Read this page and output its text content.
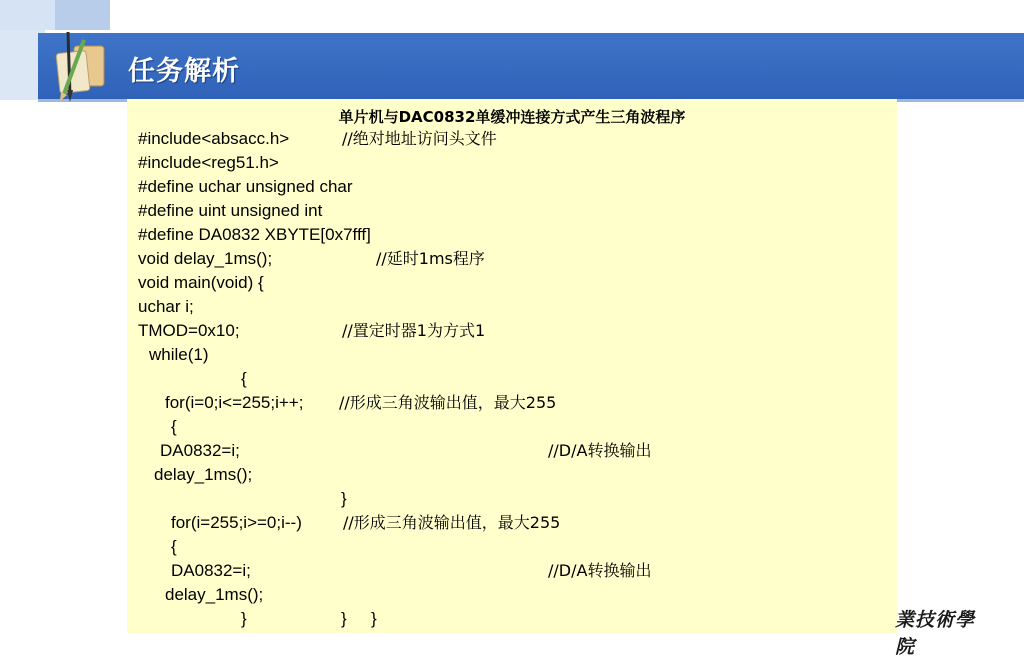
任务解析
单片机与DAC0832单缓冲连接方式产生三角波程序
#include<absacc.h>	//绝对地址访问头文件
#include<reg51.h>
#define uchar unsigned char
#define uint unsigned int
#define DA0832 XBYTE[0x7fff]
void delay_1ms();	//延时1ms程序
void main(void) {
uchar i;
TMOD=0x10;	//置定时器1为方式1
while(1)
{
for(i=0;i<=255;i++; //形成三角波输出值，最大255
{
DA0832=i;	//D/A转换输出
delay_1ms();
}
for(i=255;i>=0;i--)	//形成三角波输出值，最大255
{
DA0832=i;	//D/A转换输出
delay_1ms();
}	} }	業技術學院
